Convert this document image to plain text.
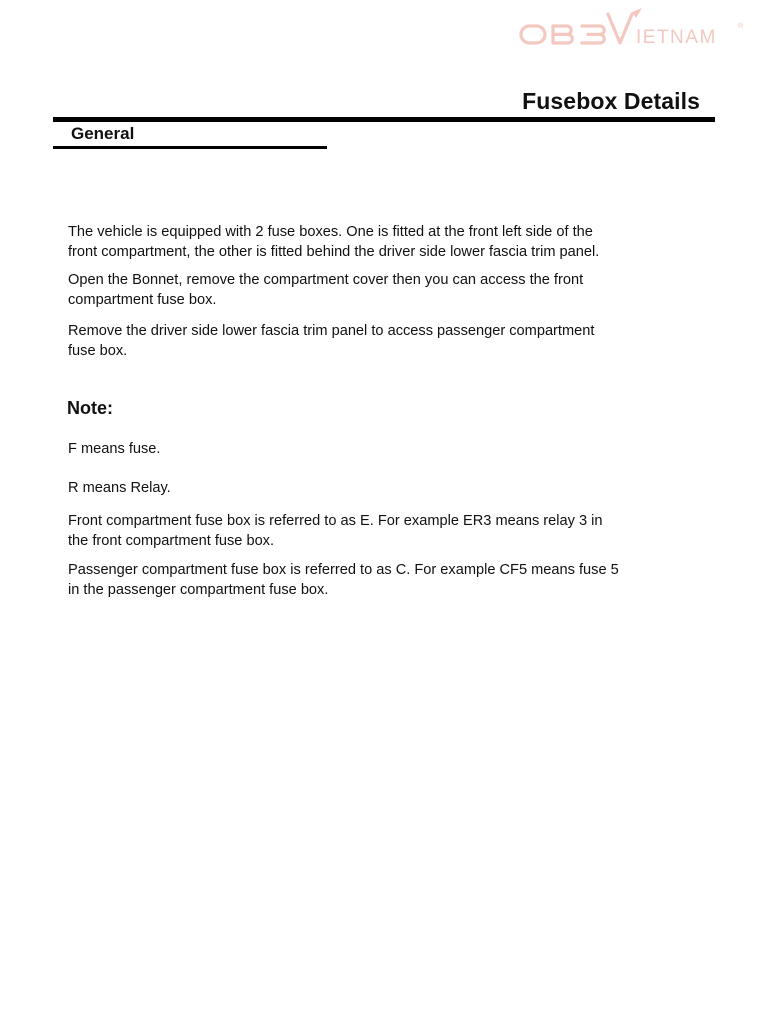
IETNAM
®
Fusebox Details
General

The vehicle is equipped with 2 fuse boxes. One is fitted at the front left side of the
front compartment, the other is fitted behind the driver side lower fascia trim panel.

Open the Bonnet, remove the compartment cover then you can access the front
compartment fuse box.

Remove the driver side lower fascia trim panel to access passenger compartment
fuse box.

Note:

F means fuse.

R means Relay.

Front compartment fuse box is referred to as E. For example ER3 means relay 3 in
the front compartment fuse box.

Passenger compartment fuse box is referred to as C. For example CF5 means fuse 5
in the passenger compartment fuse box.
